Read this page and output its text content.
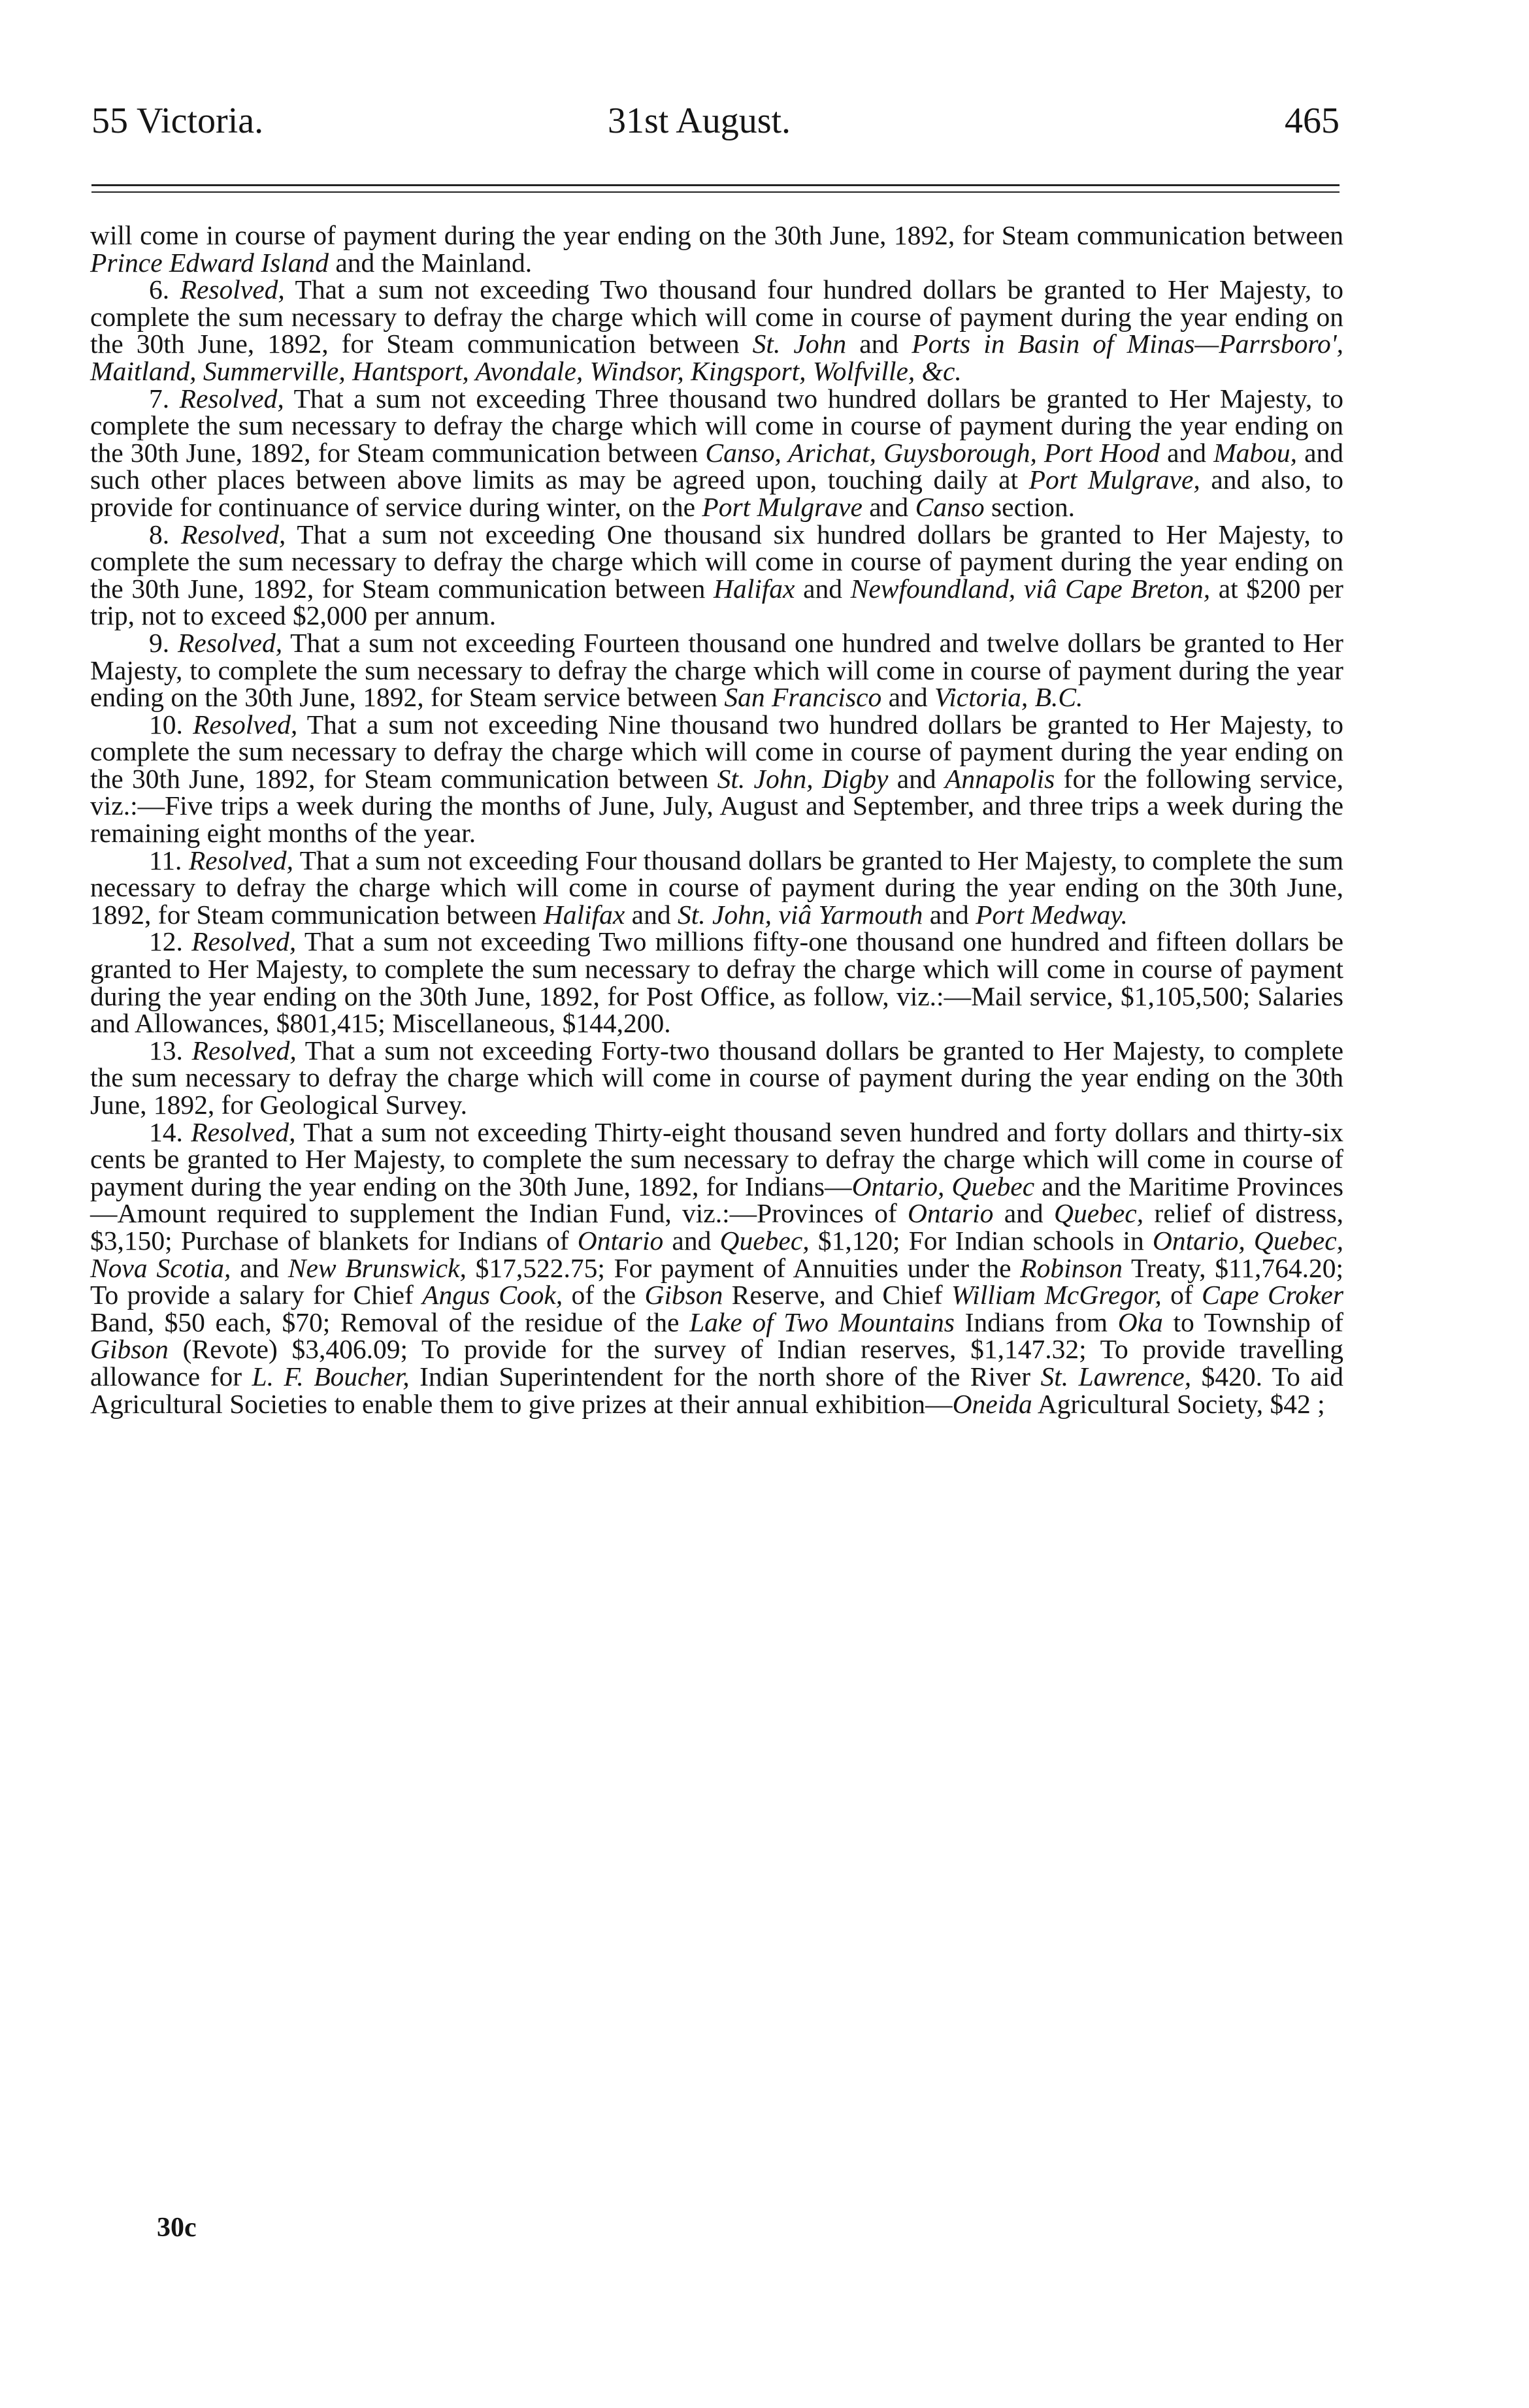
55 Victoria.	31st August.	465

will come in course of payment during the year ending on the 30th June, 1892, for Steam communication between Prince Edward Island and the Mainland.

6. Resolved, That a sum not exceeding Two thousand four hundred dollars be granted to Her Majesty, to complete the sum necessary to defray the charge which will come in course of payment during the year ending on the 30th June, 1892, for Steam communication between St. John and Ports in Basin of Minas—Parrsboro', Maitland, Summerville, Hantsport, Avondale, Windsor, Kingsport, Wolfville, &c.

7. Resolved, That a sum not exceeding Three thousand two hundred dollars be granted to Her Majesty, to complete the sum necessary to defray the charge which will come in course of payment during the year ending on the 30th June, 1892, for Steam communication between Canso, Arichat, Guysborough, Port Hood and Mabou, and such other places between above limits as may be agreed upon, touching daily at Port Mulgrave, and also, to provide for continuance of service during winter, on the Port Mulgrave and Canso section.

8. Resolved, That a sum not exceeding One thousand six hundred dollars be granted to Her Majesty, to complete the sum necessary to defray the charge which will come in course of payment during the year ending on the 30th June, 1892, for Steam communication between Halifax and Newfoundland, viâ Cape Breton, at $200 per trip, not to exceed $2,000 per annum.

9. Resolved, That a sum not exceeding Fourteen thousand one hundred and twelve dollars be granted to Her Majesty, to complete the sum necessary to defray the charge which will come in course of payment during the year ending on the 30th June, 1892, for Steam service between San Francisco and Victoria, B.C.

10. Resolved, That a sum not exceeding Nine thousand two hundred dollars be granted to Her Majesty, to complete the sum necessary to defray the charge which will come in course of payment during the year ending on the 30th June, 1892, for Steam communication between St. John, Digby and Annapolis for the following service, viz.:—Five trips a week during the months of June, July, August and September, and three trips a week during the remaining eight months of the year.

11. Resolved, That a sum not exceeding Four thousand dollars be granted to Her Majesty, to complete the sum necessary to defray the charge which will come in course of payment during the year ending on the 30th June, 1892, for Steam communication between Halifax and St. John, viâ Yarmouth and Port Medway.

12. Resolved, That a sum not exceeding Two millions fifty-one thousand one hundred and fifteen dollars be granted to Her Majesty, to complete the sum necessary to defray the charge which will come in course of payment during the year ending on the 30th June, 1892, for Post Office, as follow, viz.:—Mail service, $1,105,500; Salaries and Allowances, $801,415; Miscellaneous, $144,200.

13. Resolved, That a sum not exceeding Forty-two thousand dollars be granted to Her Majesty, to complete the sum necessary to defray the charge which will come in course of payment during the year ending on the 30th June, 1892, for Geological Survey.

14. Resolved, That a sum not exceeding Thirty-eight thousand seven hundred and forty dollars and thirty-six cents be granted to Her Majesty, to complete the sum necessary to defray the charge which will come in course of payment during the year ending on the 30th June, 1892, for Indians—Ontario, Quebec and the Maritime Provinces—Amount required to supplement the Indian Fund, viz.:—Provinces of Ontario and Quebec, relief of distress, $3,150; Purchase of blankets for Indians of Ontario and Quebec, $1,120; For Indian schools in Ontario, Quebec, Nova Scotia, and New Brunswick, $17,522.75; For payment of Annuities under the Robinson Treaty, $11,764.20; To provide a salary for Chief Angus Cook, of the Gibson Reserve, and Chief William McGregor, of Cape Croker Band, $50 each, $70; Removal of the residue of the Lake of Two Mountains Indians from Oka to Township of Gibson (Revote) $3,406.09; To provide for the survey of Indian reserves, $1,147.32; To provide travelling allowance for L. F. Boucher, Indian Superintendent for the north shore of the River St. Lawrence, $420. To aid Agricultural Societies to enable them to give prizes at their annual exhibition—Oneida Agricultural Society, $42 ;

30c
